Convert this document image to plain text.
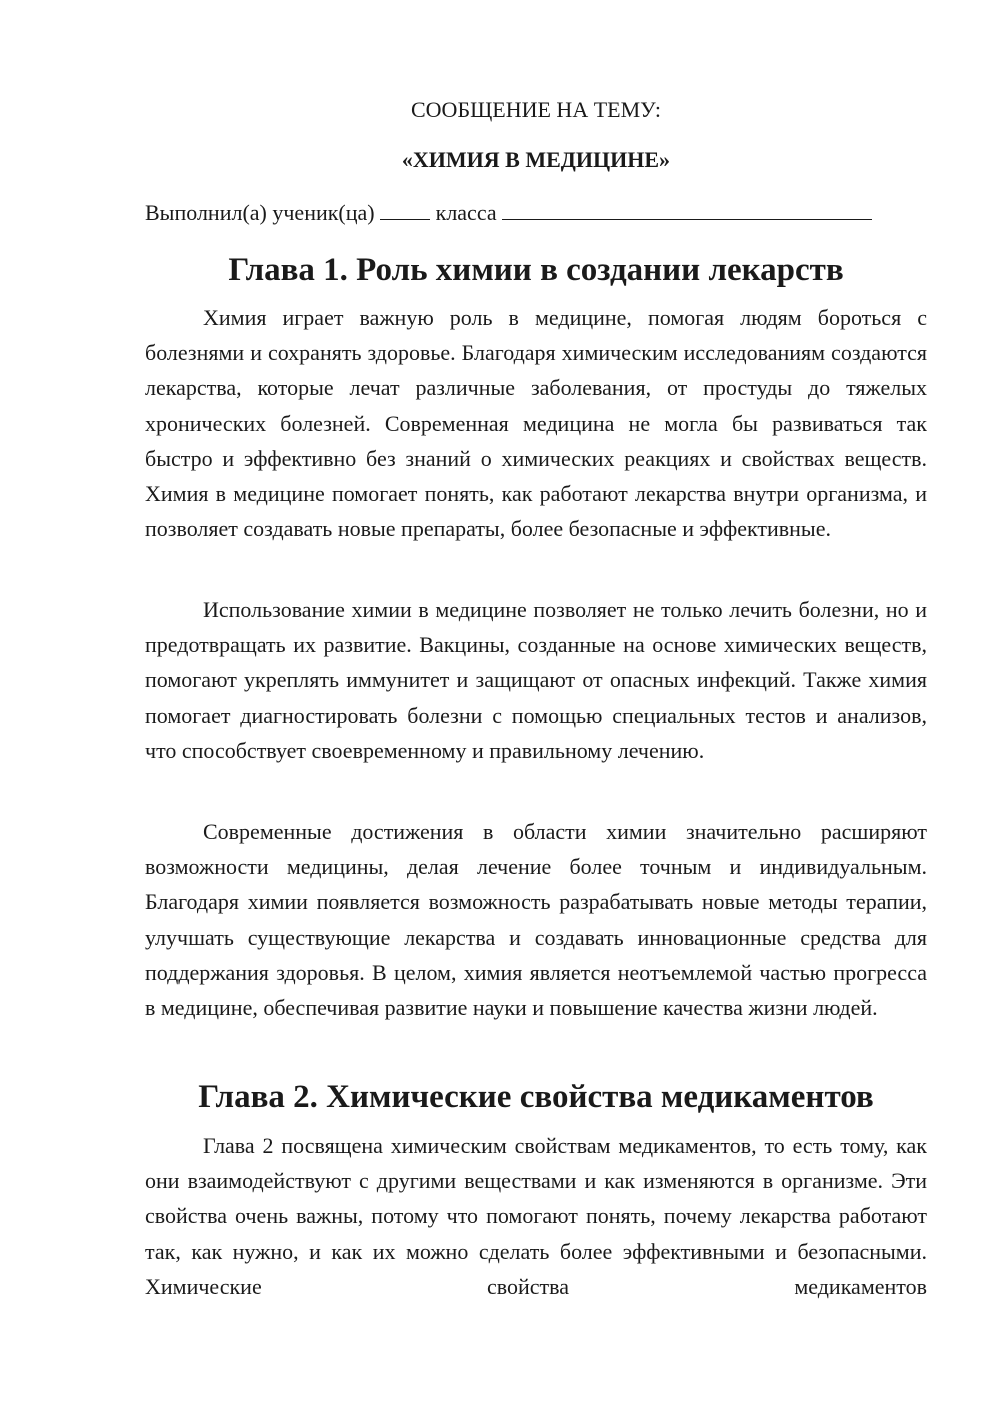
СООБЩЕНИЕ НА ТЕМУ:

«ХИМИЯ В МЕДИЦИНЕ»

Выполнил(а) ученик(ца)	класса
Глава 1. Роль химии в создании лекарств

Химия играет важную роль в медицине, помогая людям бороться с болезнями и сохранять здоровье. Благодаря химическим исследованиям создаются лекарства, которые лечат различные заболевания, от простуды до тяжелых хронических болезней. Современная медицина не могла бы развиваться так быстро и эффективно без знаний о химических реакциях и свойствах веществ. Химия в медицине помогает понять, как работают лекарства внутри организма, и позволяет создавать новые препараты, более безопасные и эффективные.

Использование химии в медицине позволяет не только лечить болезни, но и предотвращать их развитие. Вакцины, созданные на основе химических веществ, помогают укреплять иммунитет и защищают от опасных инфекций. Также химия помогает диагностировать болезни с помощью специальных тестов и анализов, что способствует своевременному и правильному лечению.

Современные достижения в области химии значительно расширяют возможности медицины, делая лечение более точным и индивидуальным. Благодаря химии появляется возможность разрабатывать новые методы терапии, улучшать существующие лекарства и создавать инновационные средства для поддержания здоровья. В целом, химия является неотъемлемой частью прогресса в медицине, обеспечивая развитие науки и повышение качества жизни людей.

Глава 2. Химические свойства медикаментов

Глава 2 посвящена химическим свойствам медикаментов, то есть тому, как они взаимодействуют с другими веществами и как изменяются в организме. Эти свойства очень важны, потому что помогают понять, почему лекарства работают так, как нужно, и как их можно сделать более эффективными и безопасными. Химические свойства медикаментов
